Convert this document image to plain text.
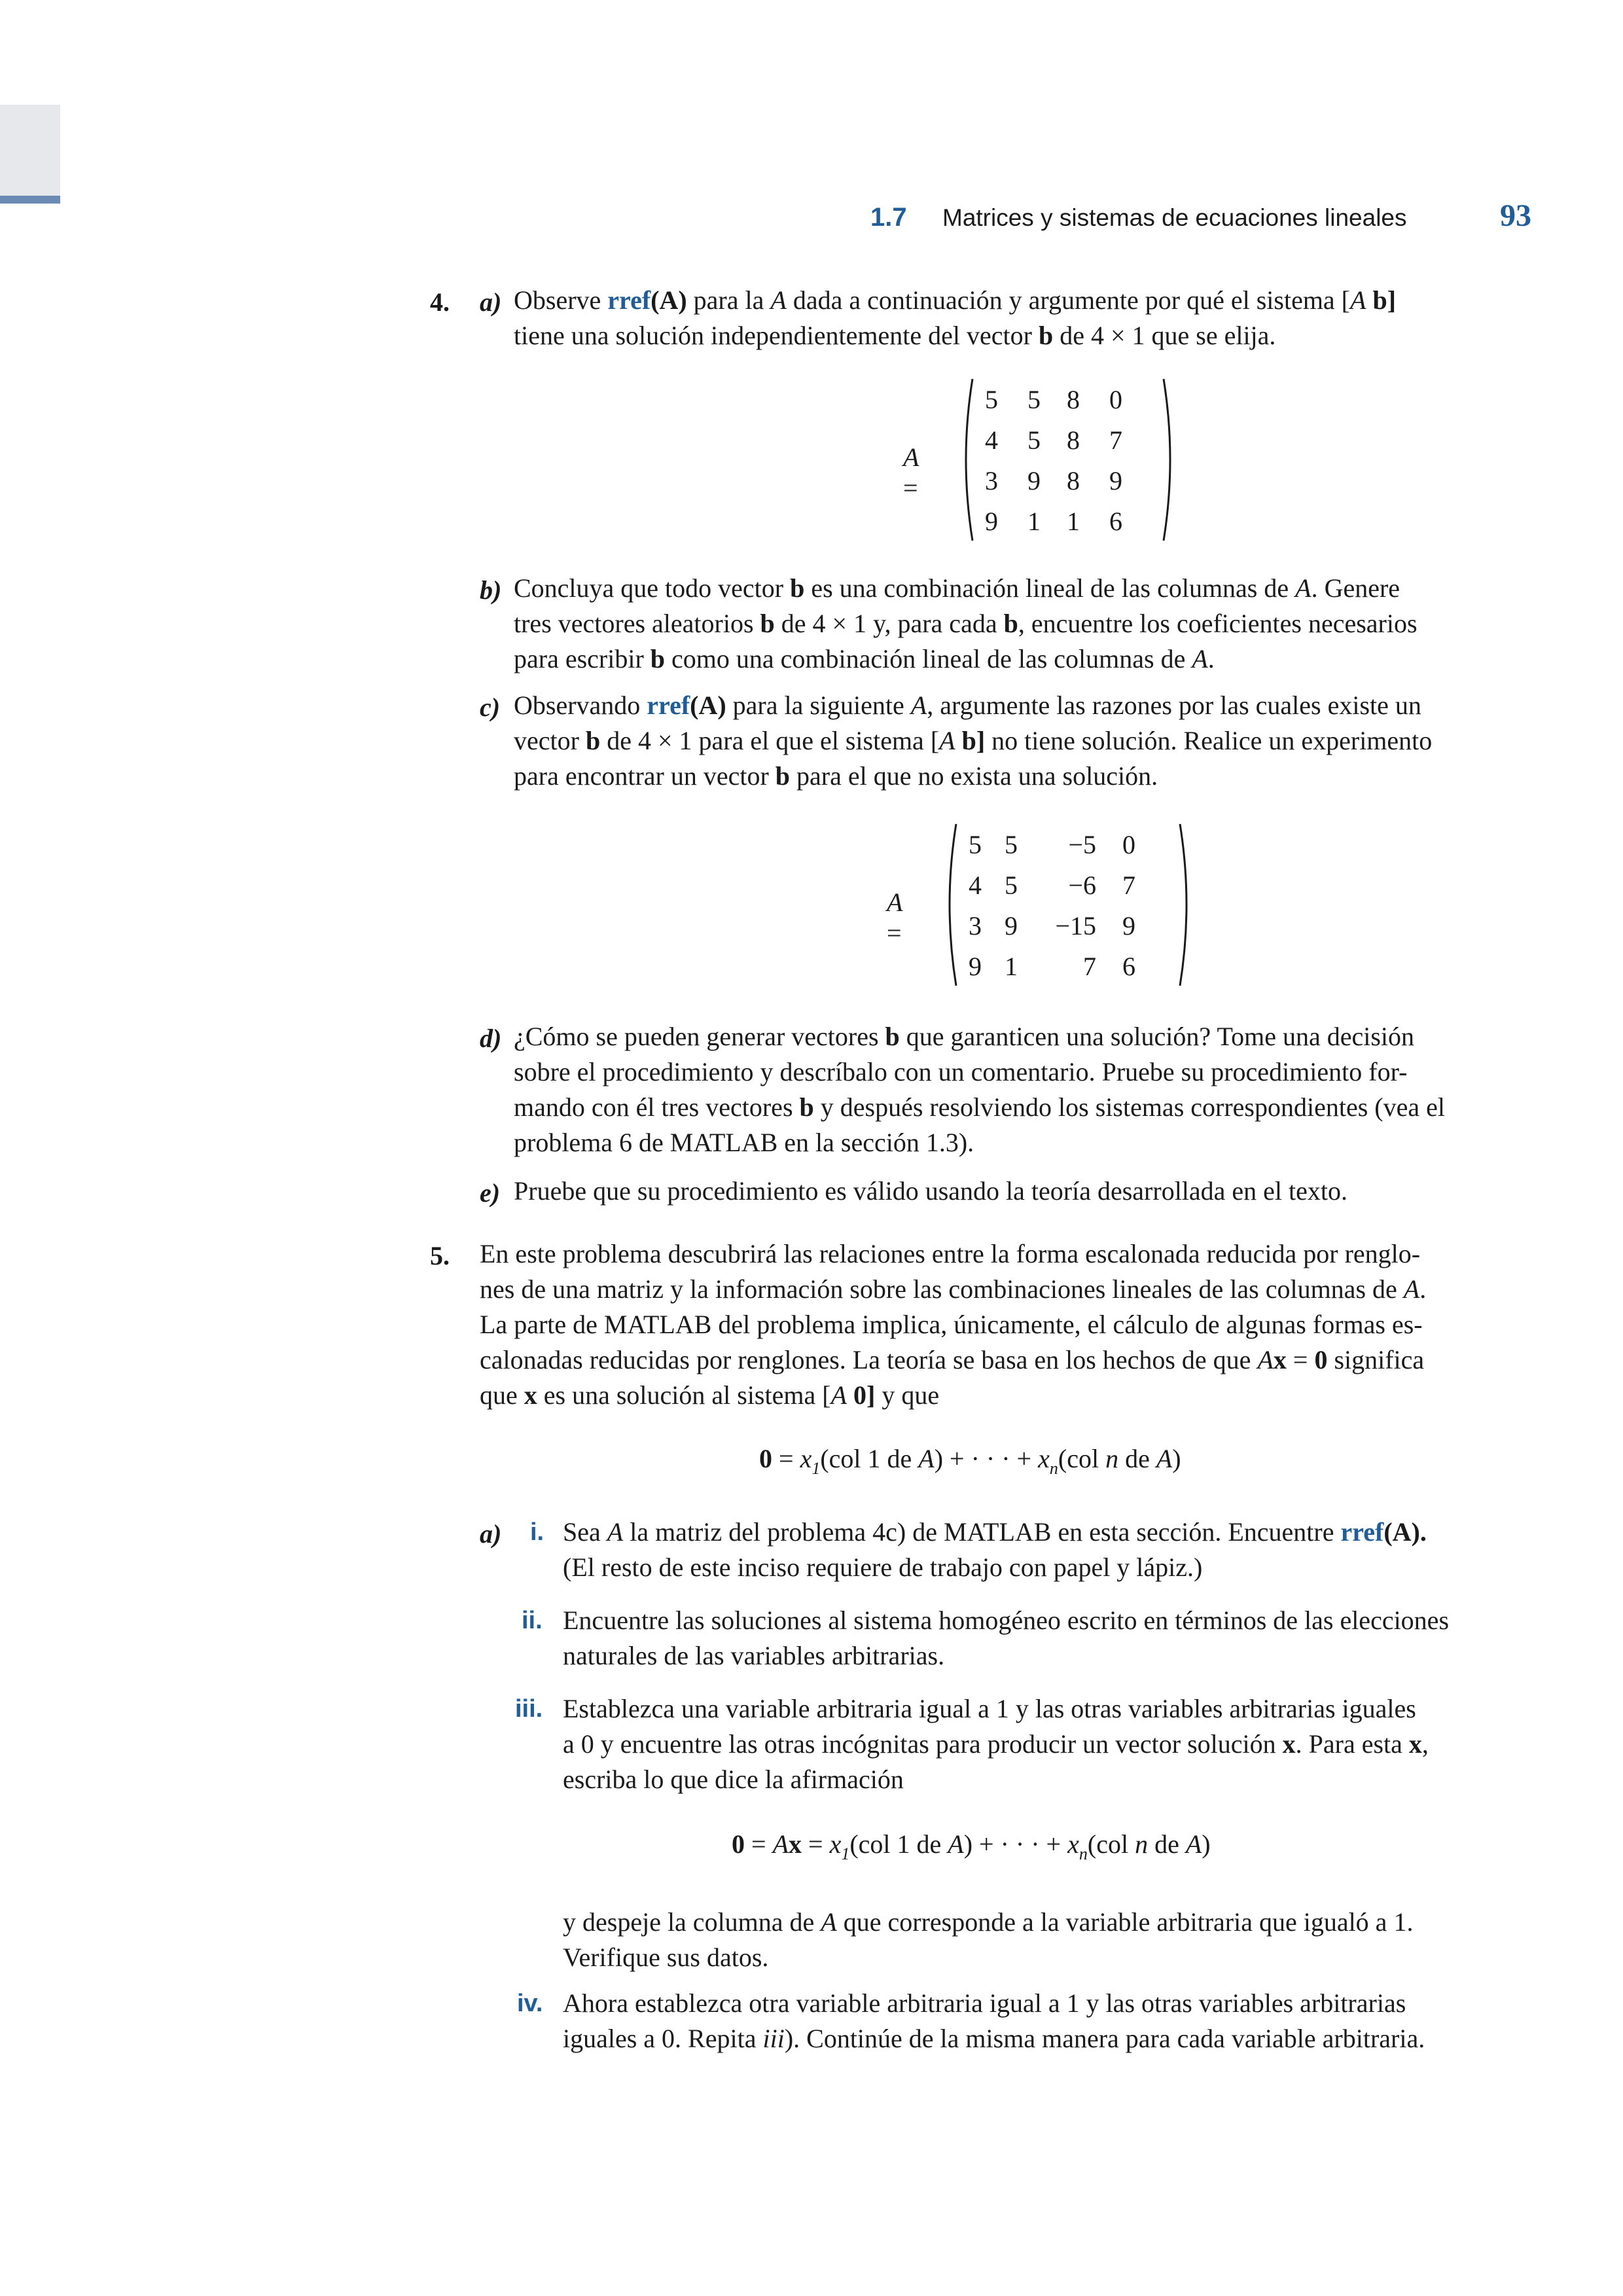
1.7 Matrices y sistemas de ecuaciones lineales	93
4. a) Observe rref(A) para la A dada a continuación y argumente por qué el sistema [A b]
tiene una solución independientemente del vector b de 4 × 1 que se elija.
A =
5	5	8	0
4	5	8	7
3	9	8	9
9	1	1	6
b) Concluya que todo vector b es una combinación lineal de las columnas de A. Genere
tres vectores aleatorios b de 4 × 1 y, para cada b, encuentre los coeficientes necesarios
para escribir b como una combinación lineal de las columnas de A.
c) Observando rref(A) para la siguiente A, argumente las razones por las cuales existe un
vector b de 4 × 1 para el que el sistema [A b] no tiene solución. Realice un experimento
para encontrar un vector b para el que no exista una solución.
A =
5 5	−5	0
4 5	−6	7
3 9	−15	9
9 1	7	6
d) ¿Cómo se pueden generar vectores b que garanticen una solución? Tome una decisión
sobre el procedimiento y descríbalo con un comentario. Pruebe su procedimiento for-
mando con él tres vectores b y después resolviendo los sistemas correspondientes (vea el
problema 6 de MATLAB en la sección 1.3).
e) Pruebe que su procedimiento es válido usando la teoría desarrollada en el texto.
5. En este problema descubrirá las relaciones entre la forma escalonada reducida por renglo-
nes de una matriz y la información sobre las combinaciones lineales de las columnas de A.
La parte de MATLAB del problema implica, únicamente, el cálculo de algunas formas es-
calonadas reducidas por renglones. La teoría se basa en los hechos de que Ax = 0 significa
que x es una solución al sistema [A 0] y que
$0 = x_1(col$ 1 de A) + · · · + $x_n(col$ n de A)
a) i. Sea A la matriz del problema 4c) de MATLAB en esta sección. Encuentre rref(A).
(El resto de este inciso requiere de trabajo con papel y lápiz.)
ii. Encuentre las soluciones al sistema homogéneo escrito en términos de las elecciones
naturales de las variables arbitrarias.
iii. Establezca una variable arbitraria igual a 1 y las otras variables arbitrarias iguales
a 0 y encuentre las otras incógnitas para producir un vector solución x. Para esta x,
escriba lo que dice la afirmación
$0 = Ax = x_1(col$ 1 de A) + · · · + $x_n(col$ n de A)
y despeje la columna de A que corresponde a la variable arbitraria que igualó a 1.
Verifique sus datos.
iv. Ahora establezca otra variable arbitraria igual a 1 y las otras variables arbitrarias
iguales a 0. Repita iii). Continúe de la misma manera para cada variable arbitraria.
